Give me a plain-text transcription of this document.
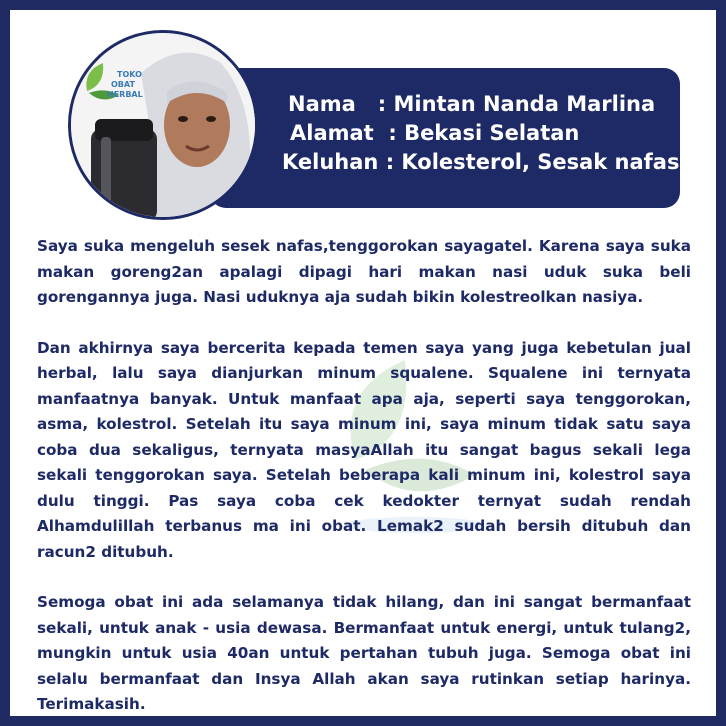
TOKO
OBAT
HERBAL	Nama : Mintan Nanda Marlina
Alamat : Bekasi Selatan
Keluhan : Kolesterol, Sesak nafas

Saya suka mengeluh sesek nafas,tenggorokan sayagatel. Karena saya suka makan goreng2an apalagi dipagi hari makan nasi uduk suka beli gorengannya juga. Nasi uduknya aja sudah bikin kolestreolkan nasiya.

Dan akhirnya saya bercerita kepada temen saya yang juga kebetulan jual herbal, lalu saya dianjurkan minum squalene. Squalene ini ternyata manfaatnya banyak. Untuk manfaat apa aja, seperti saya tenggorokan, asma, kolestrol. Setelah itu saya minum ini, saya minum tidak satu saya coba dua sekaligus, ternyata masyaAllah itu sangat bagus sekali lega sekali tenggorokan saya. Setelah beberapa kali minum ini, kolestrol saya dulu tinggi. Pas saya coba cek kedokter ternyat sudah rendah Alhamdulillah terbanus ma ini obat. Lemak2 sudah bersih ditubuh dan racun2 ditubuh.

Semoga obat ini ada selamanya tidak hilang, dan ini sangat bermanfaat sekali, untuk anak - usia dewasa. Bermanfaat untuk energi, untuk tulang2, mungkin untuk usia 40an untuk pertahan tubuh juga. Semoga obat ini selalu bermanfaat dan Insya Allah akan saya rutinkan setiap harinya. Terimakasih.
